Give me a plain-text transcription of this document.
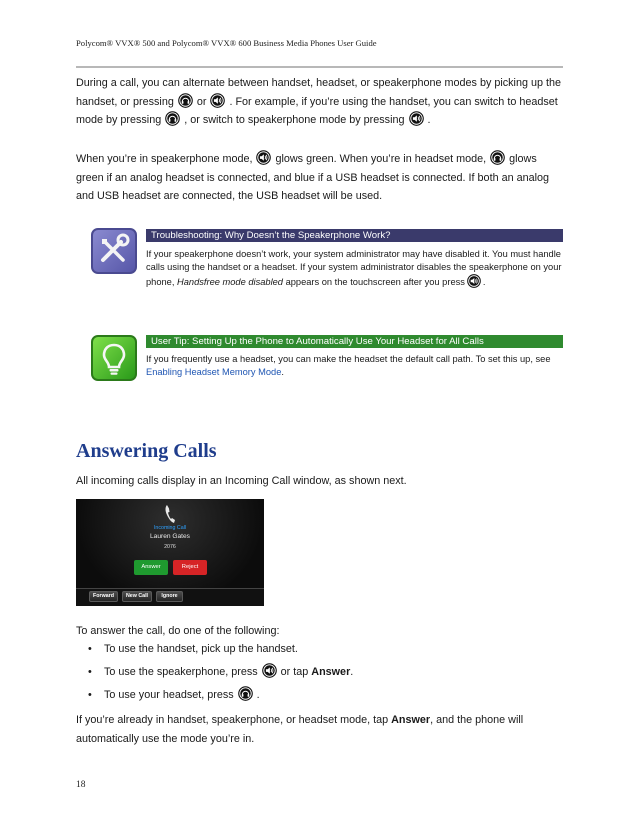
Polycom® VVX® 500 and Polycom® VVX® 600 Business Media Phones User Guide
During a call, you can alternate between handset, headset, or speakerphone modes by picking up the handset, or pressing or . For example, if you’re using the handset, you can switch to headset mode by pressing , or switch to speakerphone mode by pressing .
When you’re in speakerphone mode, glows green. When you’re in headset mode, glows green if an analog headset is connected, and blue if a USB headset is connected. If both an analog and USB headset are connected, the USB headset will be used.
Troubleshooting: Why Doesn’t the Speakerphone Work?
If your speakerphone doesn’t work, your system administrator may have disabled it. You must handle calls using the handset or a headset. If your system administrator disables the speakerphone on your phone, Handsfree mode disabled appears on the touchscreen after you press .
User Tip: Setting Up the Phone to Automatically Use Your Headset for All Calls
If you frequently use a headset, you can make the headset the default call path. To set this up, see Enabling Headset Memory Mode.
Answering Calls
All incoming calls display in an Incoming Call window, as shown next.
Incoming Call
Lauren Gates
2076
Answer	Reject
Forward	New Call	Ignore
To answer the call, do one of the following:
• To use the handset, pick up the handset.
• To use the speakerphone, press or tap Answer.
• To use your headset, press .
If you’re already in handset, speakerphone, or headset mode, tap Answer, and the phone will automatically use the mode you’re in.
18
